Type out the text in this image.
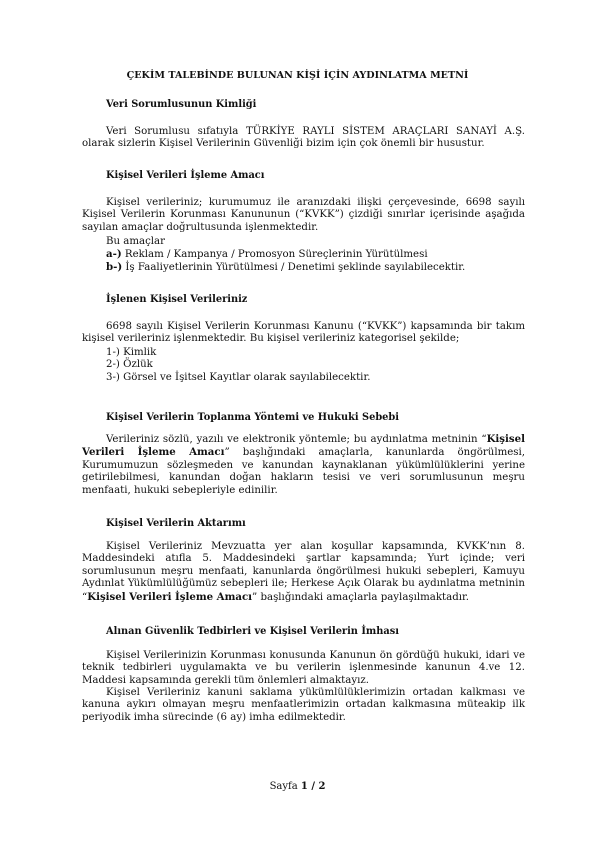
ÇEKİM TALEBİNDE BULUNAN KİŞİ İÇİN AYDINLATMA METNİ
Veri Sorumlusunun Kimliği

Veri Sorumlusu sıfatıyla TÜRKİYE RAYLI SİSTEM ARAÇLARI SANAYİ A.Ş. olarak sizlerin Kişisel Verilerinin Güvenliği bizim için çok önemli bir husustur.

Kişisel Verileri İşleme Amacı

Kişisel verileriniz; kurumumuz ile aranızdaki ilişki çerçevesinde, 6698 sayılı Kişisel Verilerin Korunması Kanununun (“KVKK”) çizdiği sınırlar içerisinde aşağıda sayılan amaçlar doğrultusunda işlenmektedir.

Bu amaçlar

a-) Reklam / Kampanya / Promosyon Süreçlerinin Yürütülmesi
b-) İş Faaliyetlerinin Yürütülmesi / Denetimi şeklinde sayılabilecektir.
İşlenen Kişisel Verileriniz

6698 sayılı Kişisel Verilerin Korunması Kanunu (“KVKK”) kapsamında bir takım kişisel verileriniz işlenmektedir. Bu kişisel verileriniz kategorisel şekilde;

1-) Kimlik
2-) Özlük
3-) Görsel ve İşitsel Kayıtlar olarak sayılabilecektir.
Kişisel Verilerin Toplanma Yöntemi ve Hukuki Sebebi

Verileriniz sözlü, yazılı ve elektronik yöntemle; bu aydınlatma metninin “Kişisel Verileri İşleme Amacı” başlığındaki amaçlarla, kanunlarda öngörülmesi, Kurumumuzun sözleşmeden ve kanundan kaynaklanan yükümlülüklerini yerine getirilebilmesi, kanundan doğan hakların tesisi ve veri sorumlusunun meşru menfaati, hukuki sebepleriyle edinilir.

Kişisel Verilerin Aktarımı

Kişisel Verileriniz Mevzuatta yer alan koşullar kapsamında, KVKK’nın 8. Maddesindeki atıfla 5. Maddesindeki şartlar kapsamında; Yurt içinde; veri sorumlusunun meşru menfaati, kanunlarda öngörülmesi hukuki sebepleri, Kamuyu Aydınlat Yükümlülüğümüz sebepleri ile; Herkese Açık Olarak bu aydınlatma metninin “Kişisel Verileri İşleme Amacı” başlığındaki amaçlarla paylaşılmaktadır.

Alınan Güvenlik Tedbirleri ve Kişisel Verilerin İmhası

Kişisel Verilerinizin Korunması konusunda Kanunun ön gördüğü hukuki, idari ve teknik tedbirleri uygulamakta ve bu verilerin işlenmesinde kanunun 4.ve 12. Maddesi kapsamında gerekli tüm önlemleri almaktayız.

Kişisel Verileriniz kanuni saklama yükümlülüklerimizin ortadan kalkması ve kanuna aykırı olmayan meşru menfaatlerimizin ortadan kalkmasına müteakip ilk periyodik imha sürecinde (6 ay) imha edilmektedir.

Sayfa 1 / 2
